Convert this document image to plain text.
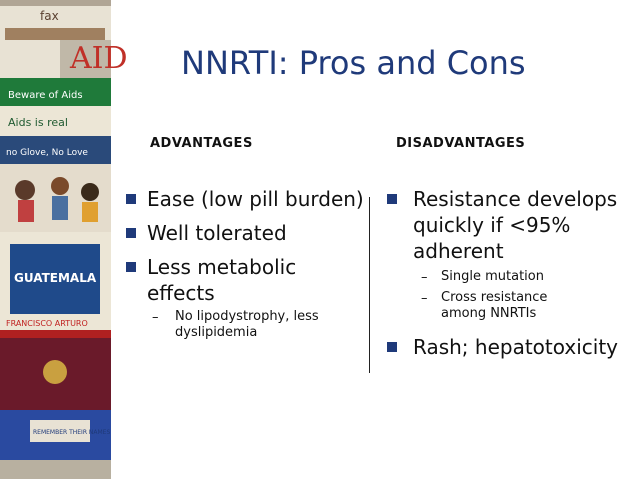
fax
AID
Beware of Aids
Aids is real
no Glove, No Love
GUATEMALA
FRANCISCO ARTURO
REMEMBER THEIR NAMES
NNRTI: Pros and Cons
ADVANTAGES	DISADVANTAGES
Ease (low pill burden)
Well tolerated
Less metabolic
effects
– No lipodystrophy, less
dyslipidemia
Resistance develops
quickly if <95%
adherent
– Single mutation
– Cross resistance
among NNRTIs
Rash; hepatotoxicity
